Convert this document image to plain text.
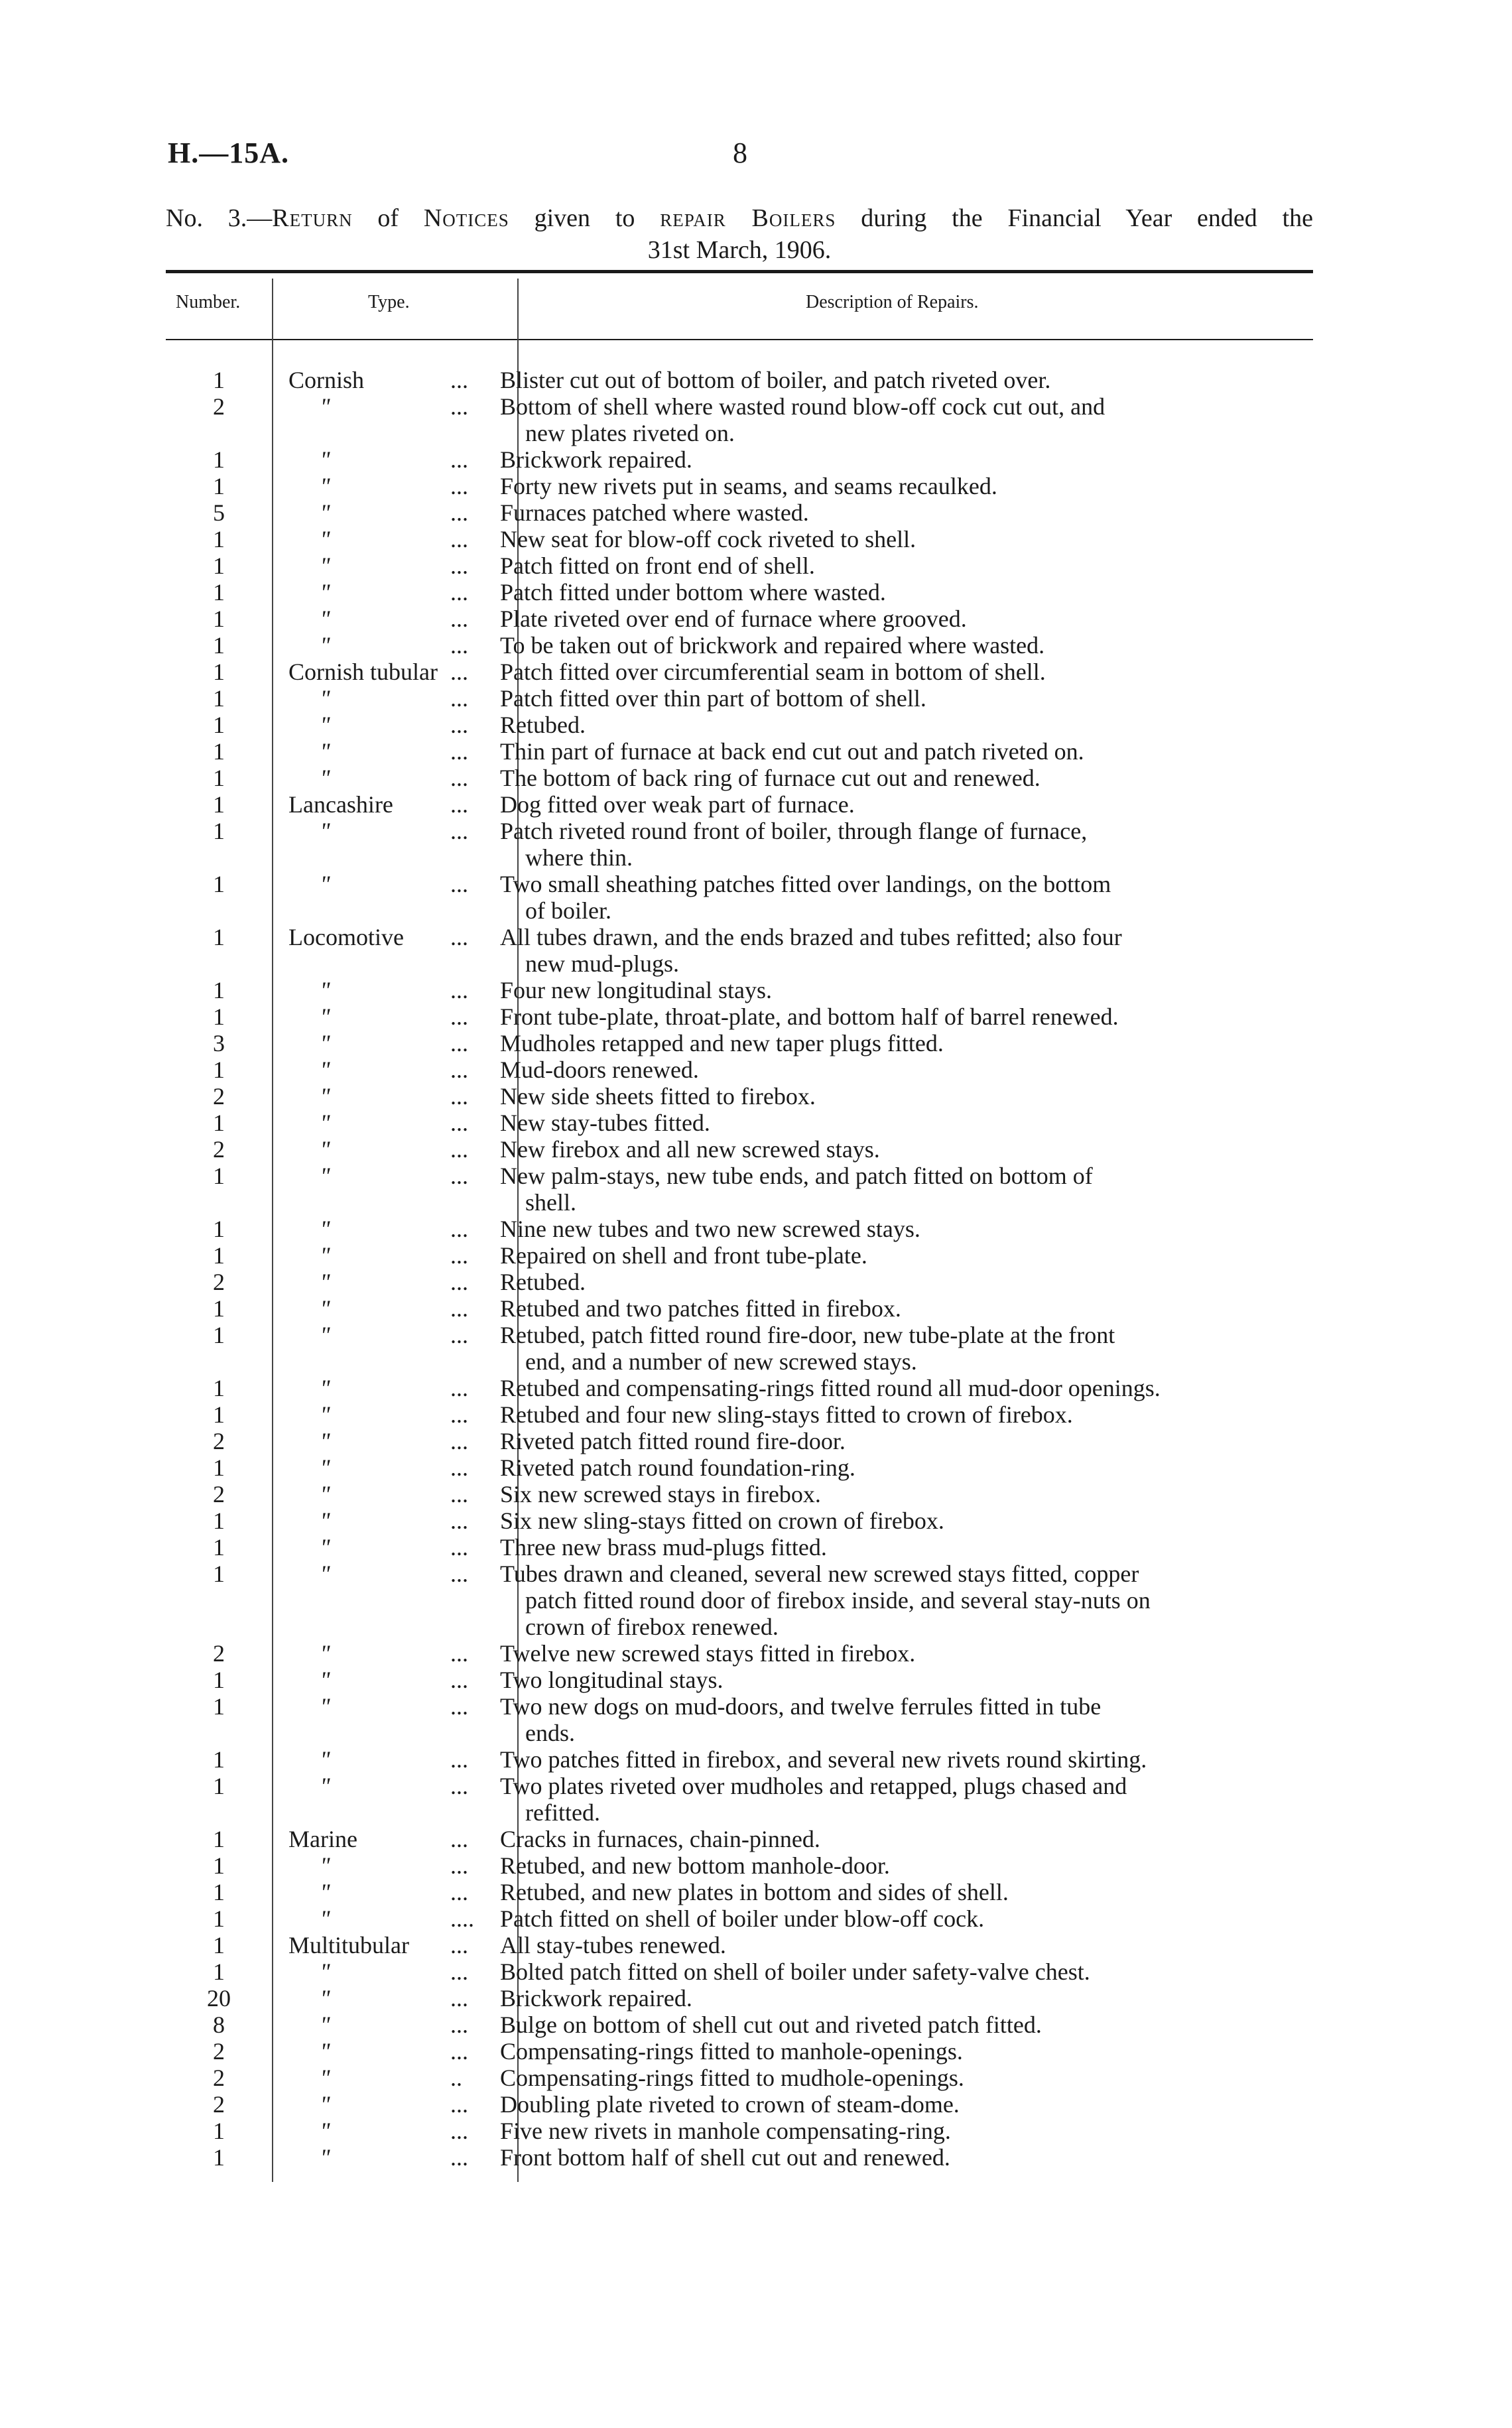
H.—15A.	8
No. 3.—Return of Notices given to repair Boilers during the Financial Year ended the
31st March, 1906.
Number.	Type.	Description of Repairs.
1	Cornish	...	Blister cut out of bottom of boiler, and patch riveted over.
2	"	...	Bottom of shell where wasted round blow-off cock cut out, and
new plates riveted on.
1	"	...	Brickwork repaired.
1	"	...	Forty new rivets put in seams, and seams recaulked.
5	"	...	Furnaces patched where wasted.
1	"	...	New seat for blow-off cock riveted to shell.
1	"	...	Patch fitted on front end of shell.
1	"	...	Patch fitted under bottom where wasted.
1	"	...	Plate riveted over end of furnace where grooved.
1	"	...	To be taken out of brickwork and repaired where wasted.
1	Cornish tubular ...	Patch fitted over circumferential seam in bottom of shell.
1	"	...	Patch fitted over thin part of bottom of shell.
1	"	...	Retubed.
1	"	...	Thin part of furnace at back end cut out and patch riveted on.
1	"	...	The bottom of back ring of furnace cut out and renewed.
1	Lancashire	...	Dog fitted over weak part of furnace.
1	"	...	Patch riveted round front of boiler, through flange of furnace,
where thin.
1	"	...	Two small sheathing patches fitted over landings, on the bottom
of boiler.
1	Locomotive	...	All tubes drawn, and the ends brazed and tubes refitted; also four
new mud-plugs.
1	"	...	Four new longitudinal stays.
1	"	...	Front tube-plate, throat-plate, and bottom half of barrel renewed.
3	"	...	Mudholes retapped and new taper plugs fitted.
1	"	...	Mud-doors renewed.
2	"	...	New side sheets fitted to firebox.
1	"	...	New stay-tubes fitted.
2	"	...	New firebox and all new screwed stays.
1	"	...	New palm-stays, new tube ends, and patch fitted on bottom of
shell.
1	"	...	Nine new tubes and two new screwed stays.
1	"	...	Repaired on shell and front tube-plate.
2	"	...	Retubed.
1	"	...	Retubed and two patches fitted in firebox.
1	"	...	Retubed, patch fitted round fire-door, new tube-plate at the front
end, and a number of new screwed stays.
1	"	...	Retubed and compensating-rings fitted round all mud-door openings.
1	"	...	Retubed and four new sling-stays fitted to crown of firebox.
2	"	...	Riveted patch fitted round fire-door.
1	"	...	Riveted patch round foundation-ring.
2	"	...	Six new screwed stays in firebox.
1	"	...	Six new sling-stays fitted on crown of firebox.
1	"	...	Three new brass mud-plugs fitted.
1	"	...	Tubes drawn and cleaned, several new screwed stays fitted, copper
patch fitted round door of firebox inside, and several stay-nuts on
crown of firebox renewed.
2	"	...	Twelve new screwed stays fitted in firebox.
1	"	...	Two longitudinal stays.
1	"	...	Two new dogs on mud-doors, and twelve ferrules fitted in tube
ends.
1	"	...	Two patches fitted in firebox, and several new rivets round skirting.
1	"	...	Two plates riveted over mudholes and retapped, plugs chased and
refitted.
1	Marine	...	Cracks in furnaces, chain-pinned.
1	"	...	Retubed, and new bottom manhole-door.
1	"	...	Retubed, and new plates in bottom and sides of shell.
1	"	....	Patch fitted on shell of boiler under blow-off cock.
1	Multitubular	...	All stay-tubes renewed.
1	"	...	Bolted patch fitted on shell of boiler under safety-valve chest.
20	"	...	Brickwork repaired.
8	"	...	Bulge on bottom of shell cut out and riveted patch fitted.
2	"	...	Compensating-rings fitted to manhole-openings.
2	"	..	Compensating-rings fitted to mudhole-openings.
2	"	...	Doubling plate riveted to crown of steam-dome.
1	"	...	Five new rivets in manhole compensating-ring.
1	"	...	Front bottom half of shell cut out and renewed.
